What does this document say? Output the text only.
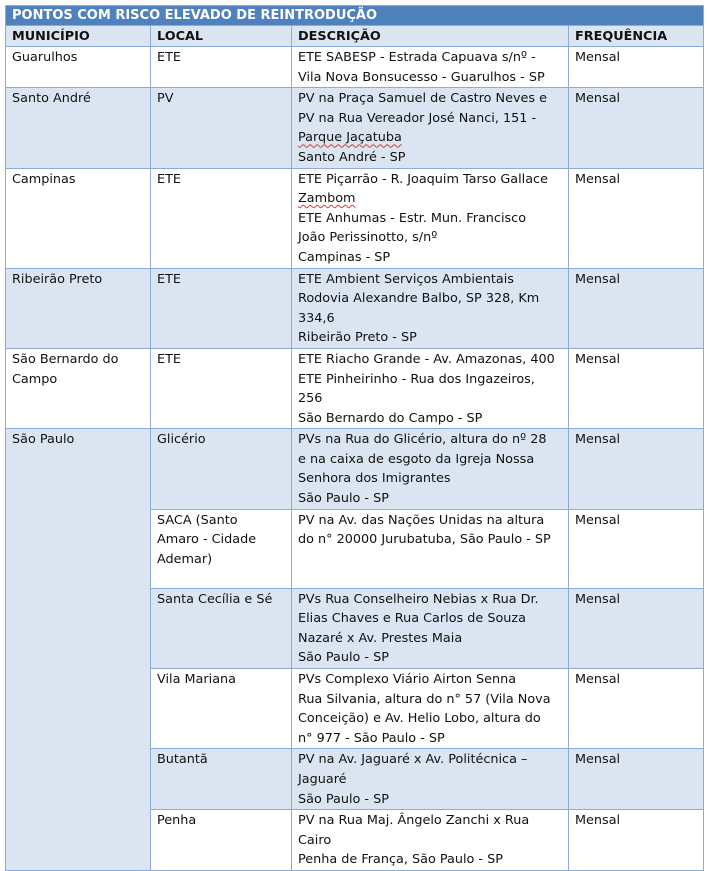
PONTOS COM RISCO ELEVADO DE REINTRODUÇÃO			
MUNICÍPIO	LOCAL	DESCRIÇÃO	FREQUÊNCIA
Guarulhos	ETE	ETE SABESP - Estrada Capuava s/nº -
Vila Nova Bonsucesso - Guarulhos - SP	Mensal
Santo André	PV	PV na Praça Samuel de Castro Neves e
PV na Rua Vereador José Nanci, 151 -
Parque Jaçatuba
Santo André - SP	Mensal
Campinas	ETE	ETE Piçarrão - R. Joaquim Tarso Gallace
Zambom
ETE Anhumas - Estr. Mun. Francisco
João Perissinotto, s/nº
Campinas - SP	Mensal
Ribeirão Preto	ETE	ETE Ambient Serviços Ambientais
Rodovia Alexandre Balbo, SP 328, Km
334,6
Ribeirão Preto - SP	Mensal

São Bernardo do
Campo	ETE	ETE Riacho Grande - Av. Amazonas, 400
ETE Pinheirinho - Rua dos Ingazeiros,
256
São Bernardo do Campo - SP	Mensal
São Paulo	Glicério	PVs na Rua do Glicério, altura do nº 28
e na caixa de esgoto da Igreja Nossa
Senhora dos Imigrantes
São Paulo - SP	Mensal

	SACA (Santo
Amaro - Cidade
Ademar)	PV na Av. das Nações Unidas na altura
do n° 20000 Jurubatuba, São Paulo - SP	Mensal
	Santa Cecília e Sé	PVs Rua Conselheiro Nebias x Rua Dr.
Elias Chaves e Rua Carlos de Souza
Nazaré x Av. Prestes Maia
São Paulo - SP	Mensal
	Vila Mariana	PVs Complexo Viário Airton Senna
Rua Silvania, altura do n° 57 (Vila Nova
Conceição) e Av. Helio Lobo, altura do
n° 977 - São Paulo - SP	Mensal
	Butantã	PV na Av. Jaguaré x Av. Politécnica –
Jaguaré
São Paulo - SP	Mensal
	Penha	PV na Rua Maj. Ângelo Zanchi x Rua
Cairo
Penha de França, São Paulo - SP	Mensal
